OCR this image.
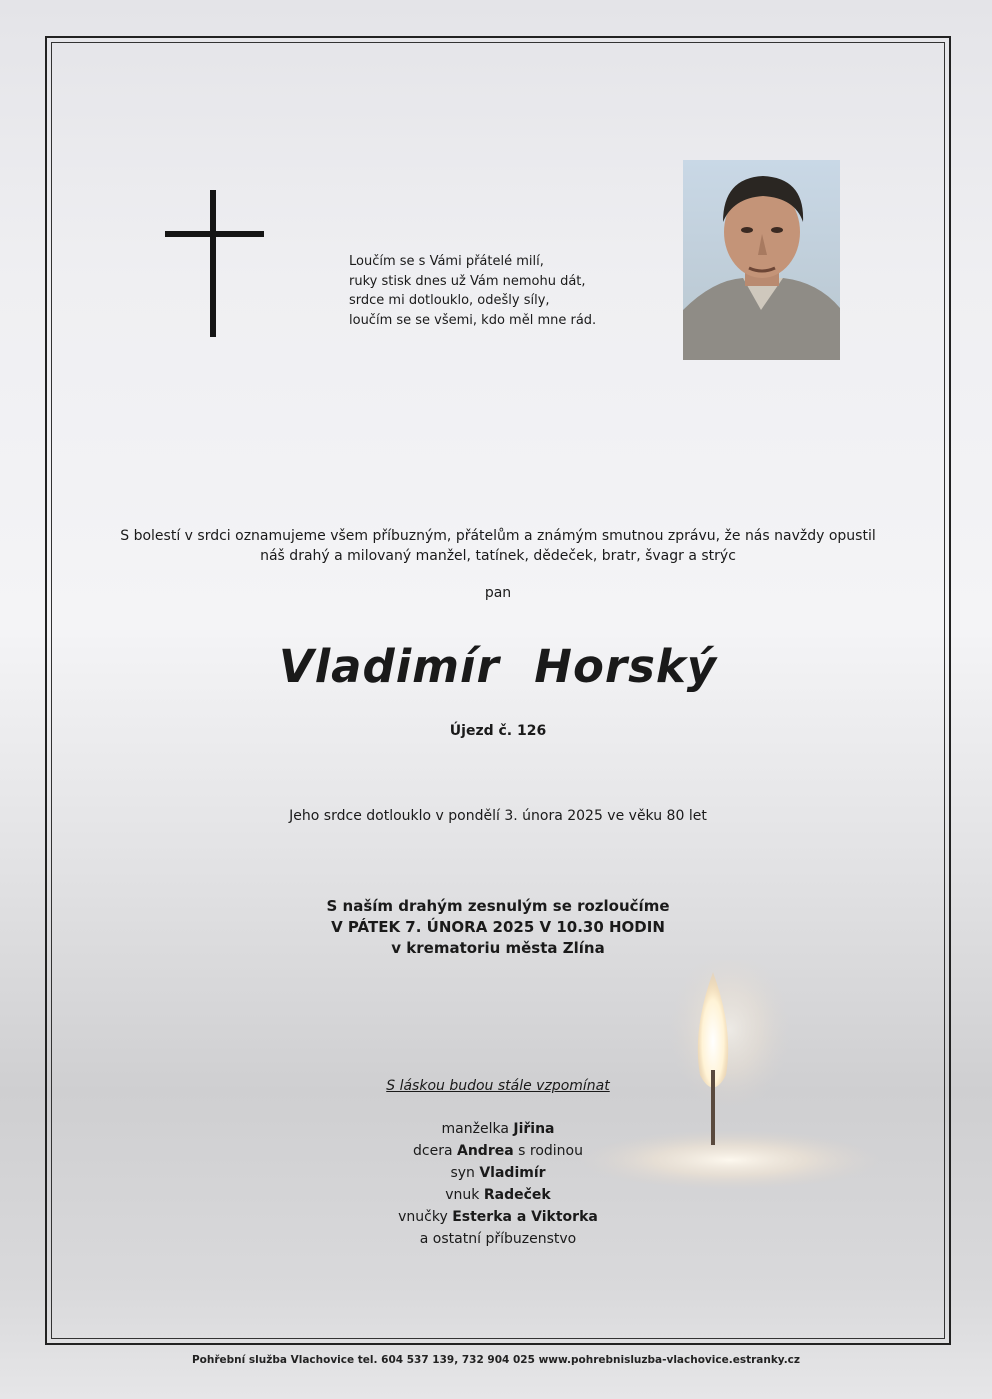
Loučím se s Vámi přátelé milí,
ruky stisk dnes už Vám nemohu dát,
srdce mi dotlouklo, odešly síly,
loučím se se všemi, kdo měl mne rád.
S bolestí v srdci oznamujeme všem příbuzným, přátelům a známým smutnou zprávu, že nás navždy opustil
náš drahý a milovaný manžel, tatínek, dědeček, bratr, švagr a strýc
pan
Vladimír Horský
Újezd č. 126
Jeho srdce dotlouklo v pondělí 3. února 2025 ve věku 80 let
S naším drahým zesnulým se rozloučíme
V PÁTEK 7. ÚNORA 2025 V 10.30 HODIN
v krematoriu města Zlína
S láskou budou stále vzpomínat
manželka Jiřina
dcera Andrea s rodinou
syn Vladimír
vnuk Radeček
vnučky Esterka a Viktorka
a ostatní příbuzenstvo
Pohřební služba Vlachovice tel. 604 537 139, 732 904 025 www.pohrebnisluzba-vlachovice.estranky.cz
